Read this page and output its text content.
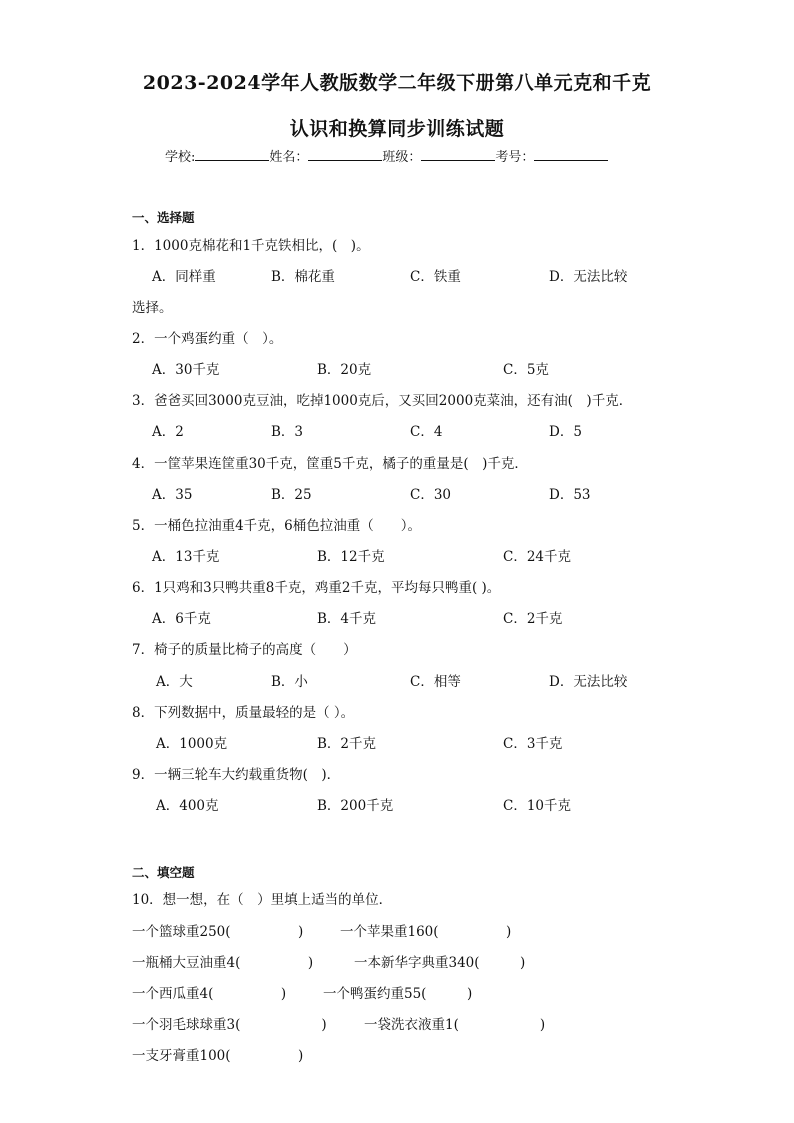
2023-2024学年人教版数学二年级下册第八单元克和千克
认识和换算同步训练试题
学校:	姓名：	班级：	考号：
一、选择题
1．1000克棉花和1千克铁相比，(　)。
A．同样重	B．棉花重	C．铁重	D．无法比较
选择。
2．一个鸡蛋约重（　）。
A．30千克	B．20克	C．5克
3．爸爸买回3000克豆油，吃掉1000克后，又买回2000克菜油，还有油(　)千克．
A．2	B．3	C．4	D．5
4．一筐苹果连筐重30千克，筐重5千克，橘子的重量是(　)千克．
A．35	B．25	C．30	D．53
5．一桶色拉油重4千克，6桶色拉油重（　　）。
A．13千克	B．12千克	C．24千克
6．1只鸡和3只鸭共重8千克，鸡重2千克，平均每只鸭重( )。
A．6千克	B．4千克	C．2千克
7．椅子的质量比椅子的高度（　　）
A．大	B．小	C．相等	D．无法比较
8．下列数据中，质量最轻的是（ ）。
A．1000克	B．2千克	C．3千克
9．一辆三轮车大约载重货物(　)．
A．400克	B．200千克	C．10千克
二、填空题
10．想一想，在（　）里填上适当的单位．
一个篮球重250(　　　　　)	一个苹果重160(　　　　　)
一瓶桶大豆油重4(　　　　　)	一本新华字典重340(　　　)
一个西瓜重4(　　　　　)	一个鸭蛋约重55(　　　)
一个羽毛球球重3(　　　　　　)	一袋洗衣液重1(　　　　　　)
一支牙膏重100(　　　　　)
